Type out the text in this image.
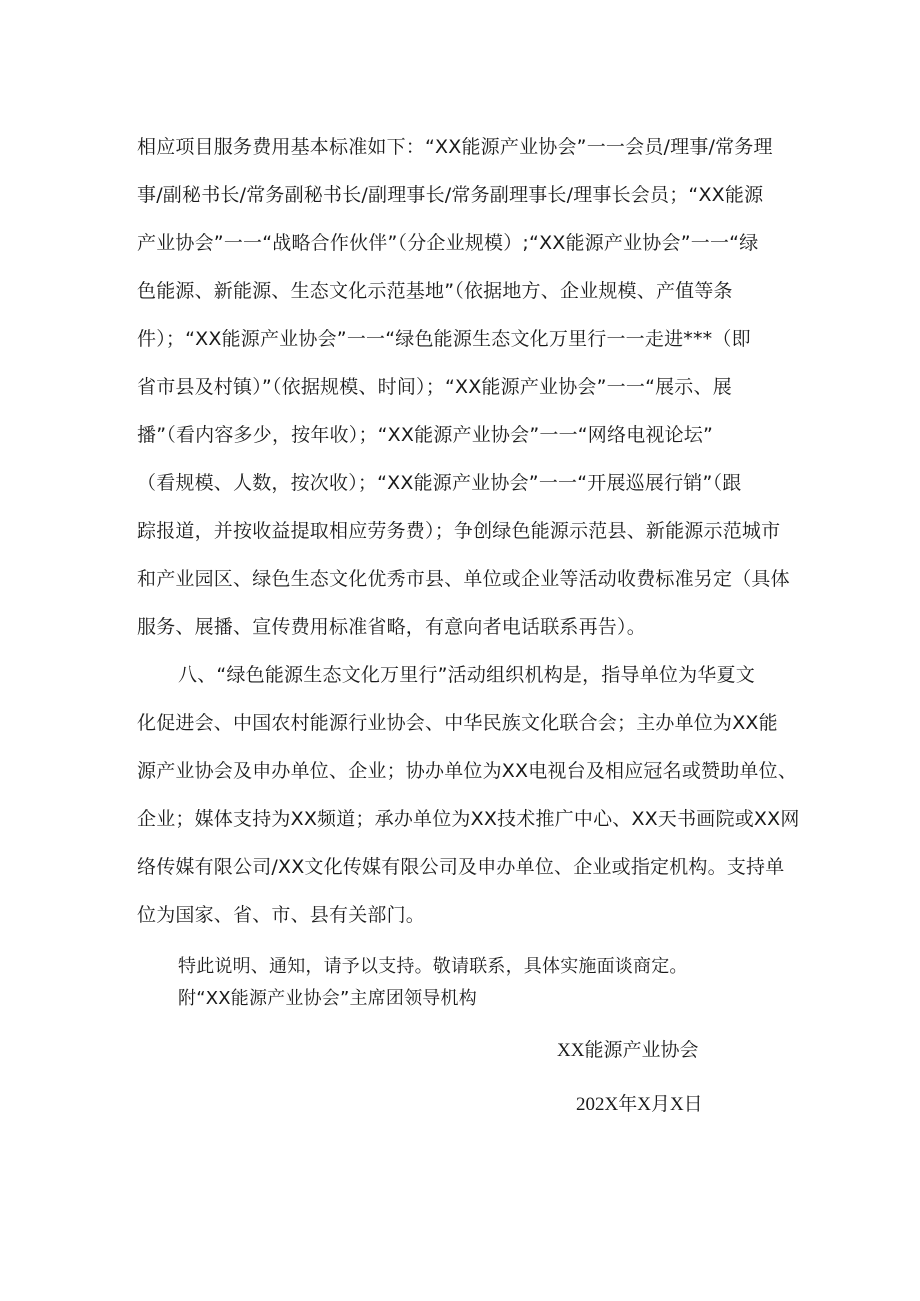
相应项目服务费用基本标准如下：“XX能源产业协会”一一会员/理事/常务理
事/副秘书长/常务副秘书长/副理事长/常务副理事长/理事长会员；“XX能源
产业协会”一一“战略合作伙伴”（分企业规模）;“XX能源产业协会”一一“绿
色能源、新能源、生态文化示范基地”（依据地方、企业规模、产值等条
件）；“XX能源产业协会”一一“绿色能源生态文化万里行一一走进***（即
省市县及村镇）”（依据规模、时间）；“XX能源产业协会”一一“展示、展
播”（看内容多少，按年收）；“XX能源产业协会”一一“网络电视论坛”
（看规模、人数，按次收）；“XX能源产业协会”一一“开展巡展行销”（跟
踪报道，并按收益提取相应劳务费）；争创绿色能源示范县、新能源示范城市
和产业园区、绿色生态文化优秀市县、单位或企业等活动收费标准另定（具体
服务、展播、宣传费用标准省略，有意向者电话联系再告）。
八、“绿色能源生态文化万里行”活动组织机构是，指导单位为华夏文
化促进会、中国农村能源行业协会、中华民族文化联合会；主办单位为XX能
源产业协会及申办单位、企业；协办单位为XX电视台及相应冠名或赞助单位、
企业；媒体支持为XX频道；承办单位为XX技术推广中心、XX天书画院或XX网
络传媒有限公司/XX文化传媒有限公司及申办单位、企业或指定机构。支持单
位为国家、省、市、县有关部门。
特此说明、通知，请予以支持。敬请联系，具体实施面谈商定。
附“XX能源产业协会”主席团领导机构
XX能源产业协会
202X年X月X日
